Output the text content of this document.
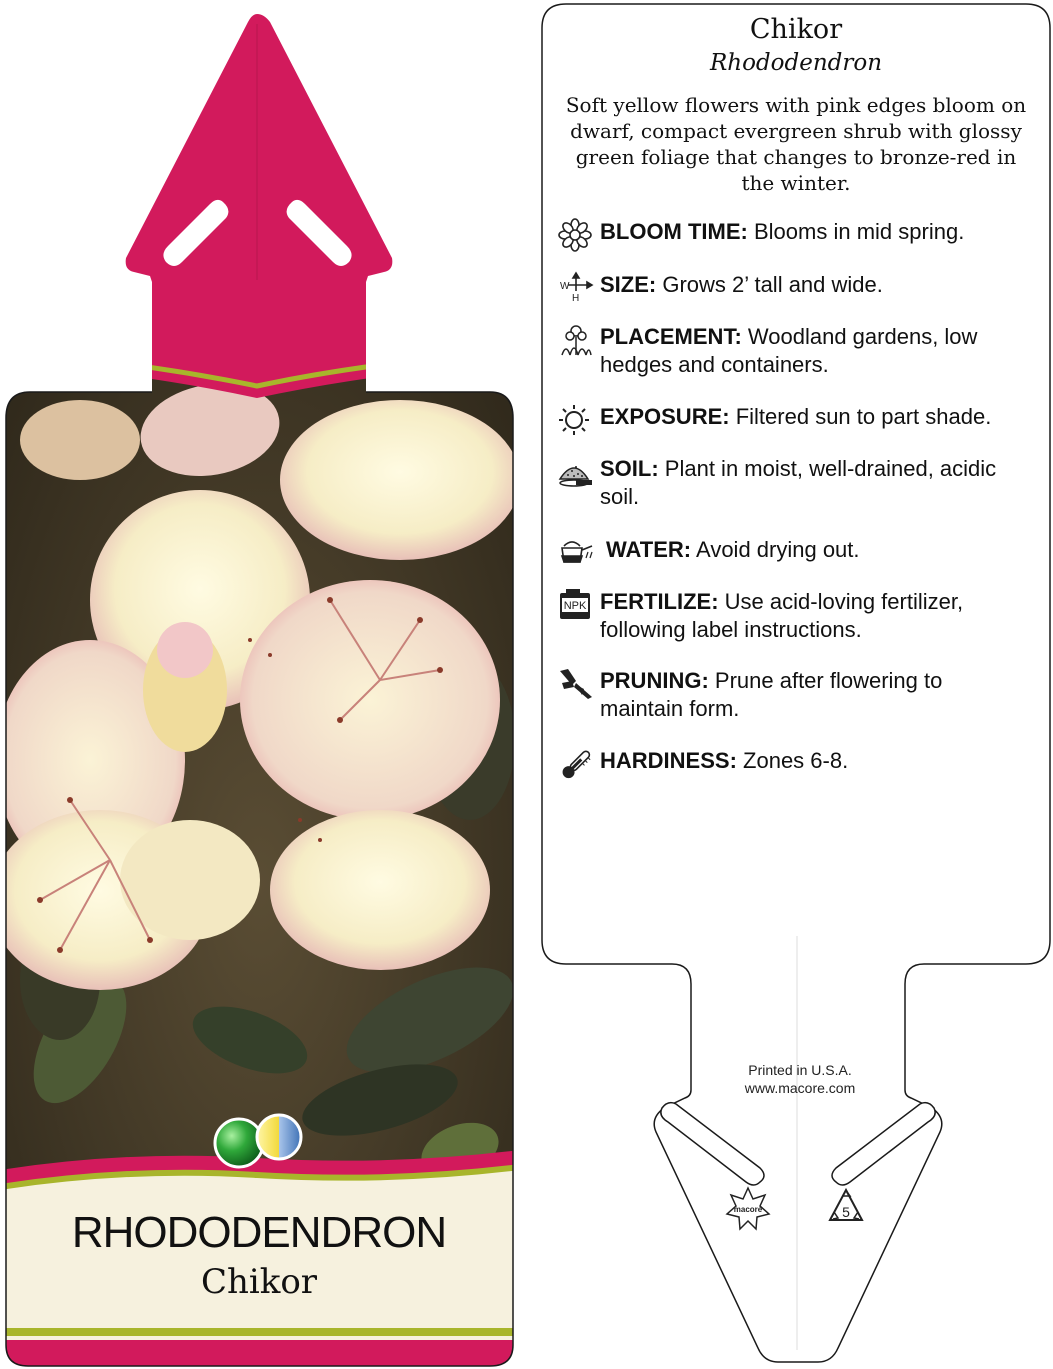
macore	5
Chikor
Rhododendron
Soft yellow flowers with pink edges bloom on dwarf, compact evergreen shrub with glossy green foliage that changes to bronze-red in the winter.
BLOOM TIME: Blooms in mid spring.
W
H
SIZE: Grows 2’ tall and wide.
PLACEMENT: Woodland gardens, low
hedges and containers.
EXPOSURE: Filtered sun to part shade.
SOIL: Plant in moist, well-drained, acidic
soil.
WATER: Avoid drying out.
NPK FERTILIZE: Use acid-loving fertilizer,
following label instructions.
PRUNING: Prune after flowering to
maintain form.
HARDINESS: Zones 6-8.
Printed in U.S.A.
www.macore.com
RHODODENDRON
Chikor
